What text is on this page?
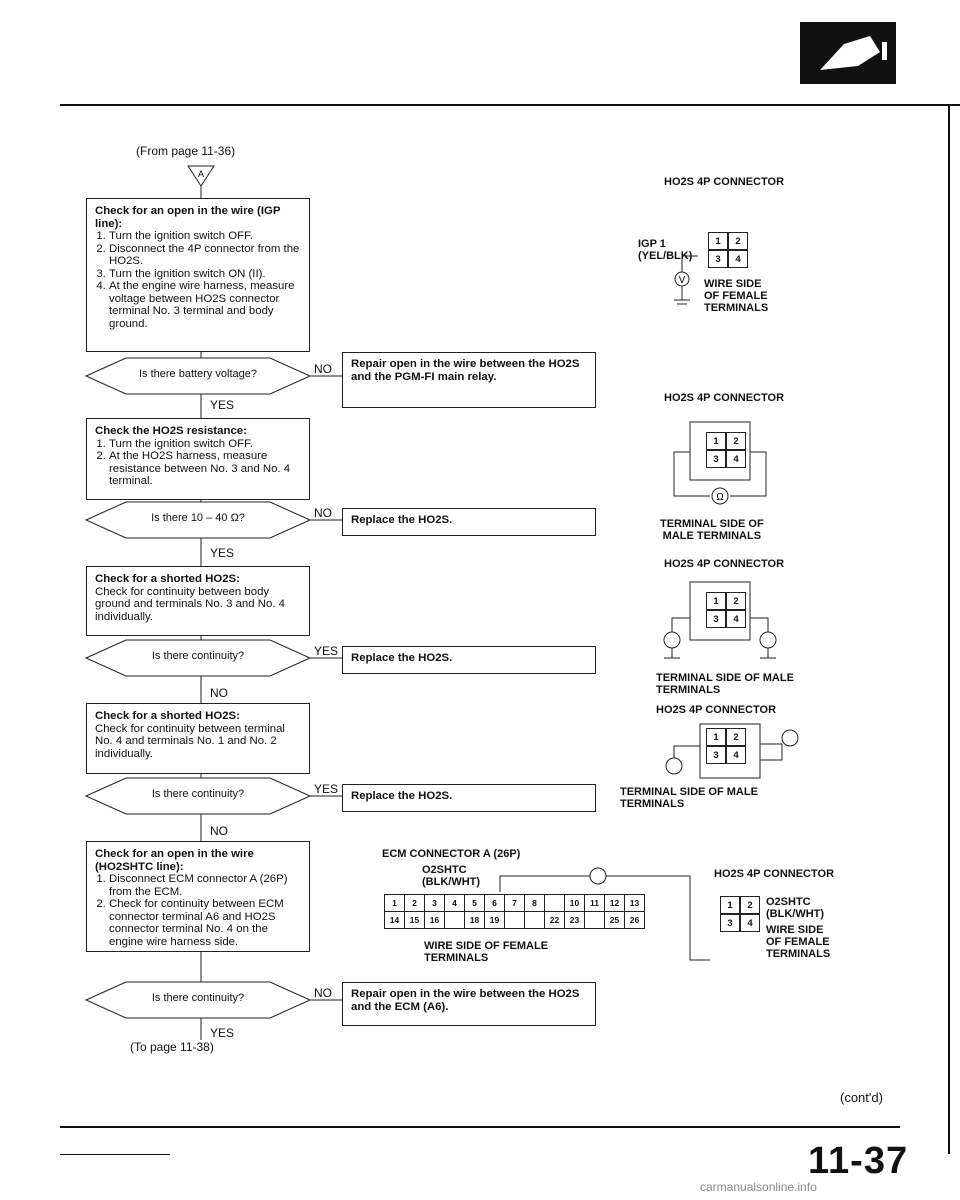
(From page 11-36)
A
Check for an open in the wire (IGP line):
1. Turn the ignition switch OFF.
2. Disconnect the 4P connector from the HO2S.
3. Turn the ignition switch ON (II).
4. At the engine wire harness, measure voltage between HO2S connector terminal No. 3 terminal and body ground.
Check the HO2S resistance:
1. Turn the ignition switch OFF.
2. At the HO2S harness, measure resistance between No. 3 and No. 4 terminal.
Check for a shorted HO2S:
Check for continuity between body ground and terminals No. 3 and No. 4 individually.
Check for a shorted HO2S:
Check for continuity between terminal No. 4 and terminals No. 1 and No. 2 individually.
Check for an open in the wire (HO2SHTC line):
1. Disconnect ECM connector A (26P) from the ECM.
2. Check for continuity between ECM connector terminal A6 and HO2S connector terminal No. 4 on the engine wire harness side.
Is there battery voltage?
Is there 10 – 40 Ω?
Is there continuity?
Is there continuity?
Is there continuity?
NO
YES
NO
YES
YES
NO
YES
NO
NO
YES
Repair open in the wire between the HO2S and the PGM-FI main relay.
Replace the HO2S.
Replace the HO2S.
Replace the HO2S.
Repair open in the wire between the HO2S and the ECM (A6).
(To page 11-38)
HO2S 4P CONNECTOR
IGP 1
(YEL/BLK)
1	2
3	4
V WIRE SIDE
OF FEMALE
TERMINALS
HO2S 4P CONNECTOR
Ω
1	2
3	4
TERMINAL SIDE OF
MALE TERMINALS
HO2S 4P CONNECTOR
1	2
3	4
TERMINAL SIDE OF MALE
TERMINALS
HO2S 4P CONNECTOR
1	2
3	4
TERMINAL SIDE OF MALE
TERMINALS
ECM CONNECTOR A (26P)
O2SHTC
(BLK/WHT)
1	2	3	4	5	6	7	8		10	11	12	13
14	15	16		18	19			22	23		25	26
WIRE SIDE OF FEMALE
TERMINALS
HO2S 4P CONNECTOR
1	2
3	4
O2SHTC
(BLK/WHT)
WIRE SIDE
OF FEMALE
TERMINALS
(cont'd)
11-37
carmanualsonline.info
